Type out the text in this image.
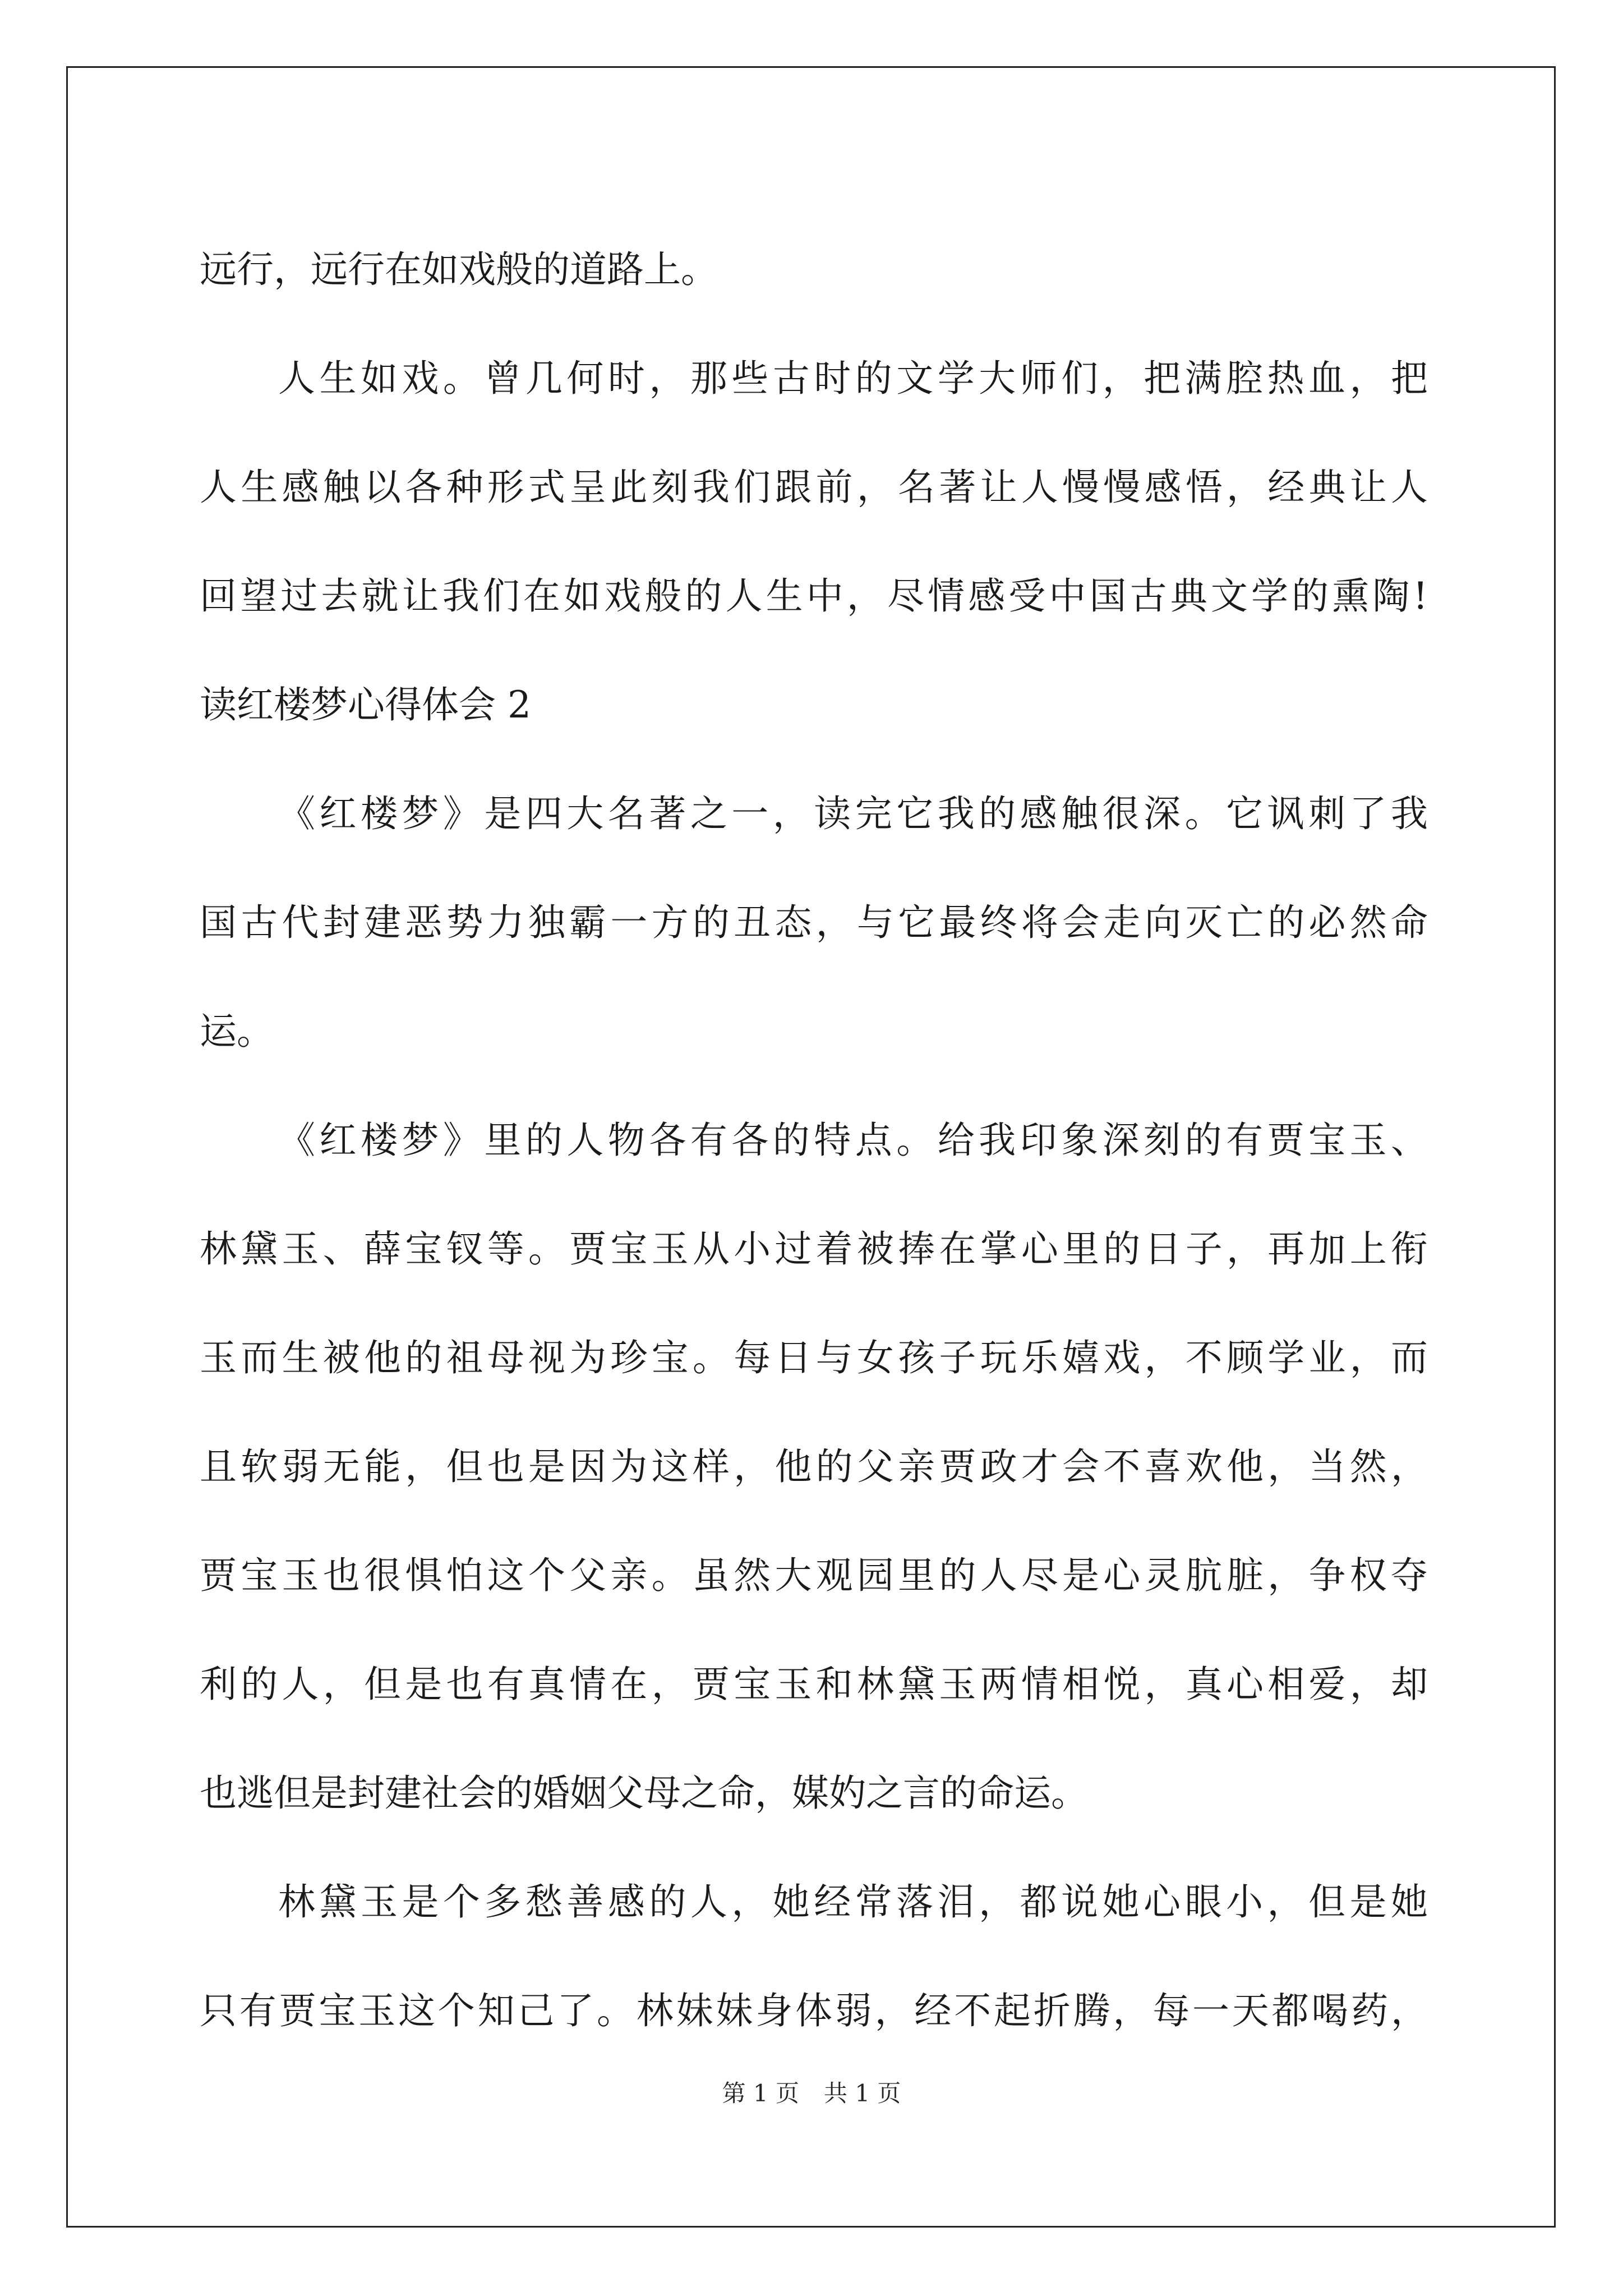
远行，远行在如戏般的道路上。
人生如戏。曾几何时，那些古时的文学大师们，把满腔热血，把
人生感触以各种形式呈此刻我们跟前，名著让人慢慢感悟，经典让人
回望过去就让我们在如戏般的人生中，尽情感受中国古典文学的熏陶!
读红楼梦心得体会 2
《红楼梦》是四大名著之一，读完它我的感触很深。它讽刺了我
国古代封建恶势力独霸一方的丑态，与它最终将会走向灭亡的必然命
运。
《红楼梦》里的人物各有各的特点。给我印象深刻的有贾宝玉、
林黛玉、薛宝钗等。贾宝玉从小过着被捧在掌心里的日子，再加上衔
玉而生被他的祖母视为珍宝。每日与女孩子玩乐嬉戏，不顾学业，而
且软弱无能，但也是因为这样，他的父亲贾政才会不喜欢他，当然，
贾宝玉也很惧怕这个父亲。虽然大观园里的人尽是心灵肮脏，争权夺
利的人，但是也有真情在，贾宝玉和林黛玉两情相悦，真心相爱，却
也逃但是封建社会的婚姻父母之命，媒妁之言的命运。
林黛玉是个多愁善感的人，她经常落泪，都说她心眼小，但是她
只有贾宝玉这个知己了。林妹妹身体弱，经不起折腾，每一天都喝药，
第 1 页 共 1 页
